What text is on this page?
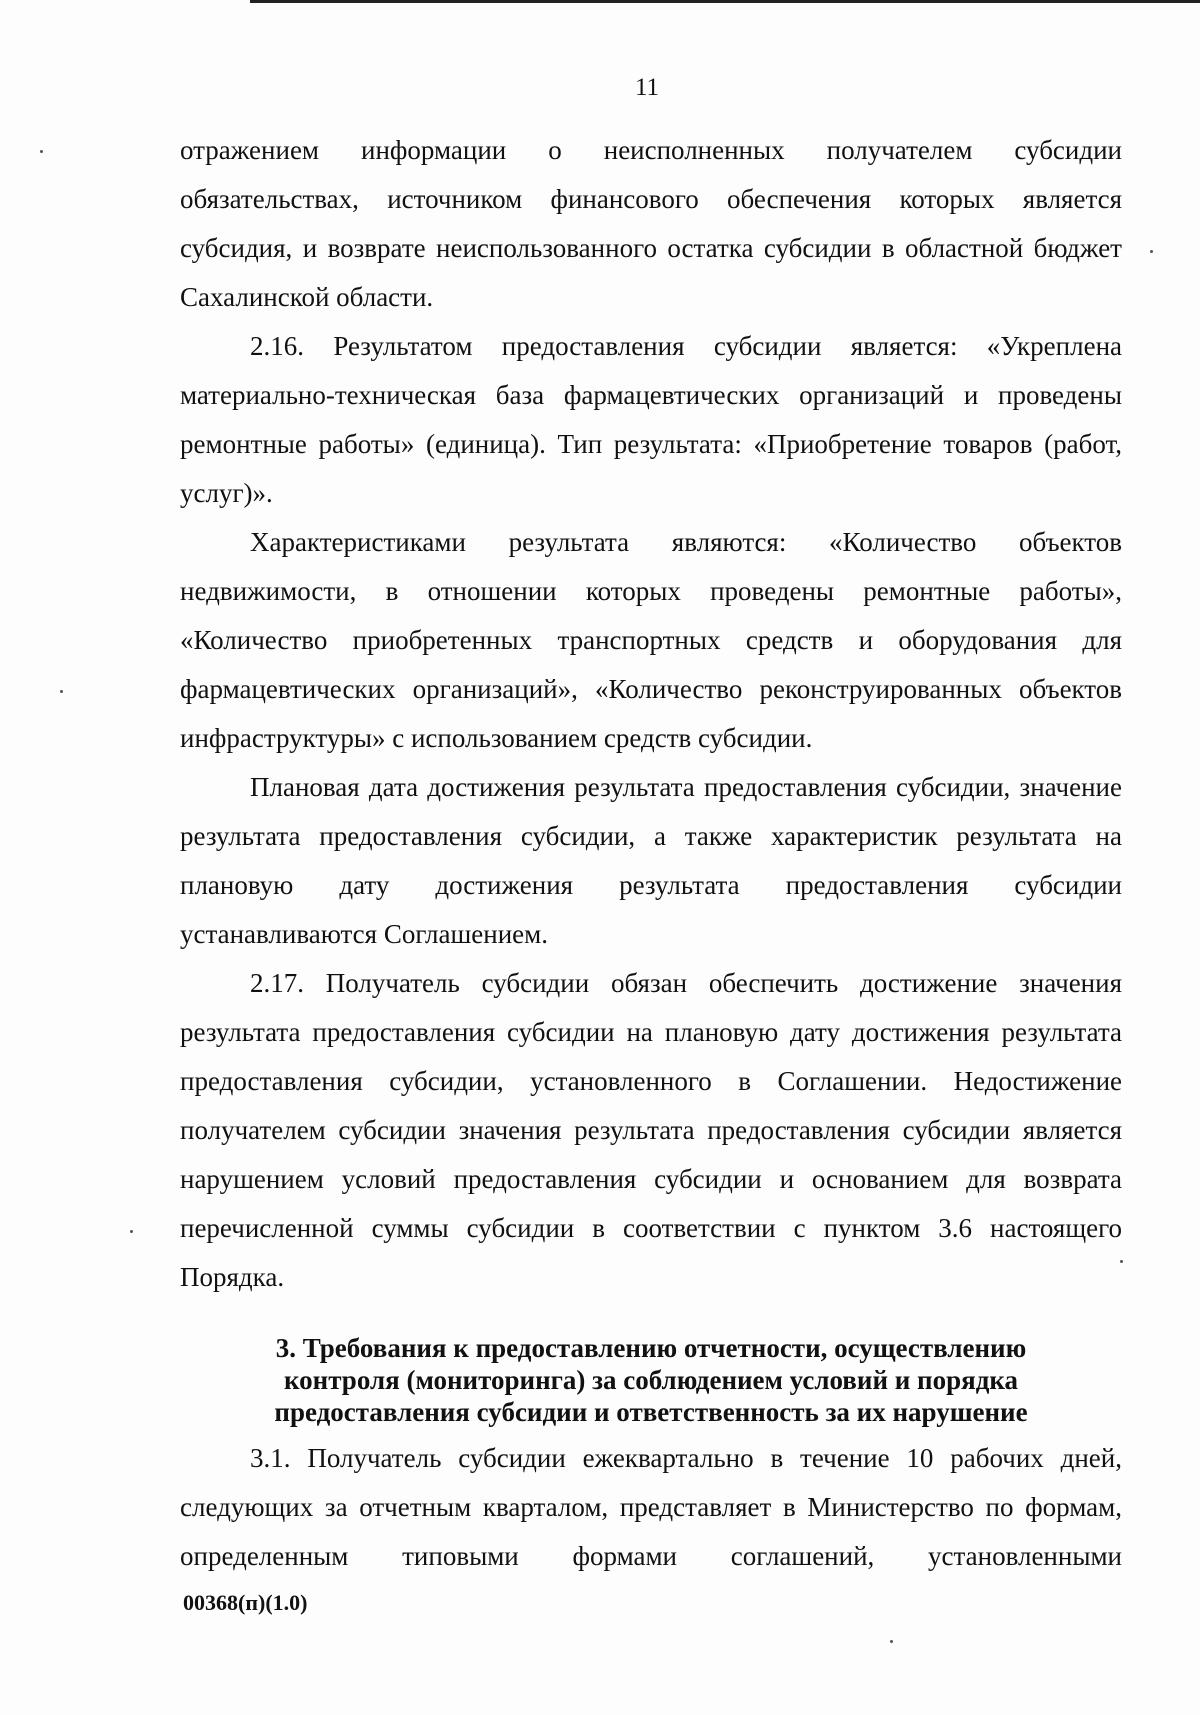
11

отражением информации о неисполненных получателем субсидии обязательствах, источником финансового обеспечения которых является субсидия, и возврате неиспользованного остатка субсидии в областной бюджет Сахалинской области.

2.16. Результатом предоставления субсидии является: «Укреплена материально-техническая база фармацевтических организаций и проведены ремонтные работы» (единица). Тип результата: «Приобретение товаров (работ, услуг)».

Характеристиками результата являются: «Количество объектов недвижимости, в отношении которых проведены ремонтные работы», «Количество приобретенных транспортных средств и оборудования для фармацевтических организаций», «Количество реконструированных объектов инфраструктуры» с использованием средств субсидии.

Плановая дата достижения результата предоставления субсидии, значение результата предоставления субсидии, а также характеристик результата на плановую дату достижения результата предоставления субсидии устанавливаются Соглашением.

2.17. Получатель субсидии обязан обеспечить достижение значения результата предоставления субсидии на плановую дату достижения результата предоставления субсидии, установленного в Соглашении. Недостижение получателем субсидии значения результата предоставления субсидии является нарушением условий предоставления субсидии и основанием для возврата перечисленной суммы субсидии в соответствии с пунктом 3.6 настоящего Порядка.

3. Требования к предоставлению отчетности, осуществлению
контроля (мониторинга) за соблюдением условий и порядка
предоставления субсидии и ответственность за их нарушение

3.1. Получатель субсидии ежеквартально в течение 10 рабочих дней, следующих за отчетным кварталом, представляет в Министерство по формам, определенным типовыми формами соглашений, установленными

00368(п)(1.0)
